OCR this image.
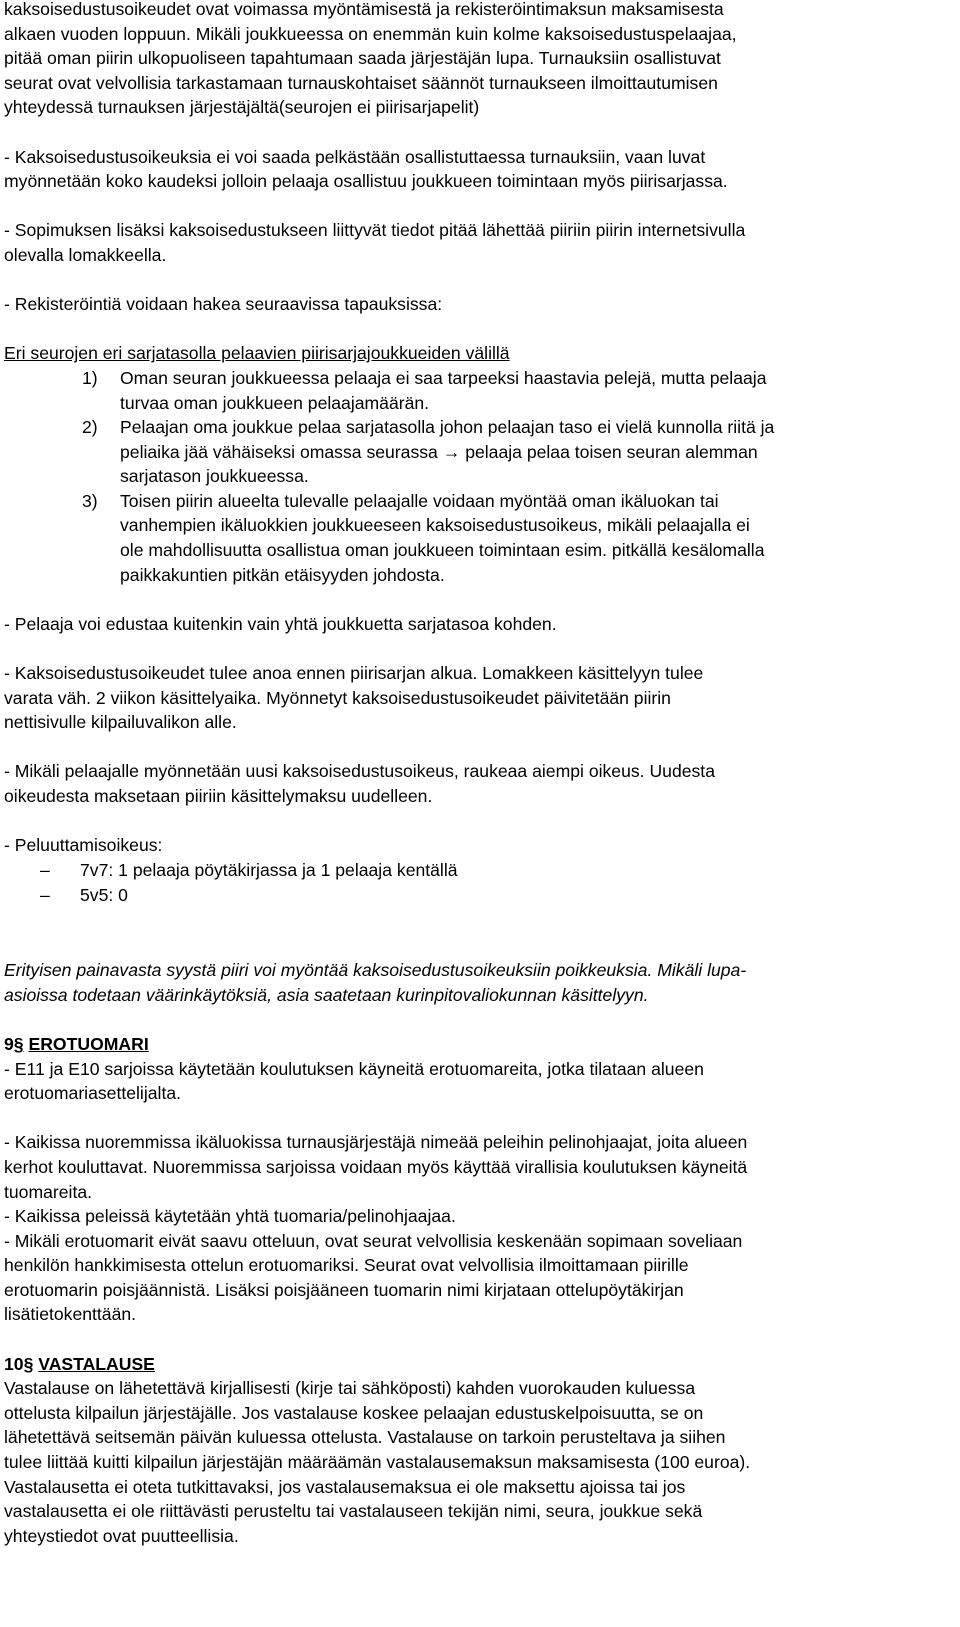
kaksoisedustusoikeudet ovat voimassa myöntämisestä ja rekisteröintimaksun maksamisesta
alkaen vuoden loppuun. Mikäli joukkueessa on enemmän kuin kolme kaksoisedustuspelaajaa,
pitää oman piirin ulkopuoliseen tapahtumaan saada järjestäjän lupa. Turnauksiin osallistuvat
seurat ovat velvollisia tarkastamaan turnauskohtaiset säännöt turnaukseen ilmoittautumisen
yhteydessä turnauksen järjestäjältä(seurojen ei piirisarjapelit)

- Kaksoisedustusoikeuksia ei voi saada pelkästään osallistuttaessa turnauksiin, vaan luvat
myönnetään koko kaudeksi jolloin pelaaja osallistuu joukkueen toimintaan myös piirisarjassa.

- Sopimuksen lisäksi kaksoisedustukseen liittyvät tiedot pitää lähettää piiriin piirin internetsivulla
olevalla lomakkeella.

- Rekisteröintiä voidaan hakea seuraavissa tapauksissa:

Eri seurojen eri sarjatasolla pelaavien piirisarjajoukkueiden välillä

1)	Oman seuran joukkueessa pelaaja ei saa tarpeeksi haastavia pelejä, mutta pelaaja
turvaa oman joukkueen pelaajamäärän.
2)	Pelaajan oma joukkue pelaa sarjatasolla johon pelaajan taso ei vielä kunnolla riitä ja
peliaika jää vähäiseksi omassa seurassa → pelaaja pelaa toisen seuran alemman
sarjatason joukkueessa.
3)	Toisen piirin alueelta tulevalle pelaajalle voidaan myöntää oman ikäluokan tai
vanhempien ikäluokkien joukkueeseen kaksoisedustusoikeus, mikäli pelaajalla ei
ole mahdollisuutta osallistua oman joukkueen toimintaan esim. pitkällä kesälomalla
paikkakuntien pitkän etäisyyden johdosta.

- Pelaaja voi edustaa kuitenkin vain yhtä joukkuetta sarjatasoa kohden.

- Kaksoisedustusoikeudet tulee anoa ennen piirisarjan alkua. Lomakkeen käsittelyyn tulee
varata väh. 2 viikon käsittelyaika. Myönnetyt kaksoisedustusoikeudet päivitetään piirin
nettisivulle kilpailuvalikon alle.

- Mikäli pelaajalle myönnetään uusi kaksoisedustusoikeus, raukeaa aiempi oikeus. Uudesta
oikeudesta maksetaan piiriin käsittelymaksu uudelleen.

- Peluuttamisoikeus:

–	7v7: 1 pelaaja pöytäkirjassa ja 1 pelaaja kentällä
–	5v5: 0

Erityisen painavasta syystä piiri voi myöntää kaksoisedustusoikeuksiin poikkeuksia. Mikäli lupa-
asioissa todetaan väärinkäytöksiä, asia saatetaan kurinpitovaliokunnan käsittelyyn.

9§ EROTUOMARI

- E11 ja E10 sarjoissa käytetään koulutuksen käyneitä erotuomareita, jotka tilataan alueen
erotuomariasettelijalta.

- Kaikissa nuoremmissa ikäluokissa turnausjärjestäjä nimeää peleihin pelinohjaajat, joita alueen
kerhot kouluttavat. Nuoremmissa sarjoissa voidaan myös käyttää virallisia koulutuksen käyneitä
tuomareita.
- Kaikissa peleissä käytetään yhtä tuomaria/pelinohjaajaa.
- Mikäli erotuomarit eivät saavu otteluun, ovat seurat velvollisia keskenään sopimaan soveliaan
henkilön hankkimisesta ottelun erotuomariksi. Seurat ovat velvollisia ilmoittamaan piirille
erotuomarin poisjäännistä. Lisäksi poisjääneen tuomarin nimi kirjataan ottelupöytäkirjan
lisätietokenttään.

10§ VASTALAUSE

Vastalause on lähetettävä kirjallisesti (kirje tai sähköposti) kahden vuorokauden kuluessa
ottelusta kilpailun järjestäjälle. Jos vastalause koskee pelaajan edustuskelpoisuutta, se on
lähetettävä seitsemän päivän kuluessa ottelusta. Vastalause on tarkoin perusteltava ja siihen
tulee liittää kuitti kilpailun järjestäjän määräämän vastalausemaksun maksamisesta (100 euroa).
Vastalausetta ei oteta tutkittavaksi, jos vastalausemaksua ei ole maksettu ajoissa tai jos
vastalausetta ei ole riittävästi perusteltu tai vastalauseen tekijän nimi, seura, joukkue sekä
yhteystiedot ovat puutteellisia.
